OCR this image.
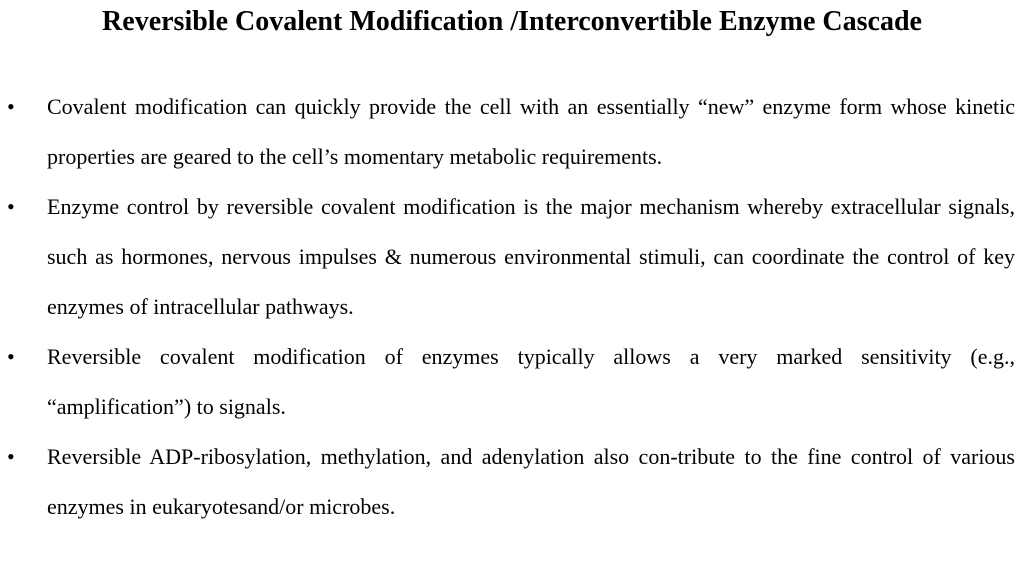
Reversible Covalent Modification /Interconvertible Enzyme Cascade
• Covalent modification can quickly provide the cell with an essentially “new” enzyme form whose kinetic properties are geared to the cell’s momentary metabolic requirements.
• Enzyme control by reversible covalent modification is the major mechanism whereby extracellular signals, such as hormones, nervous impulses & numerous environmental stimuli, can coordinate the control of key enzymes of intracellular pathways.
• Reversible covalent modification of enzymes typically allows a very marked sensitivity (e.g., “amplification”) to signals.
• Reversible ADP-ribosylation, methylation, and adenylation also con-tribute to the fine control of various enzymes in eukaryotesand/or microbes.
